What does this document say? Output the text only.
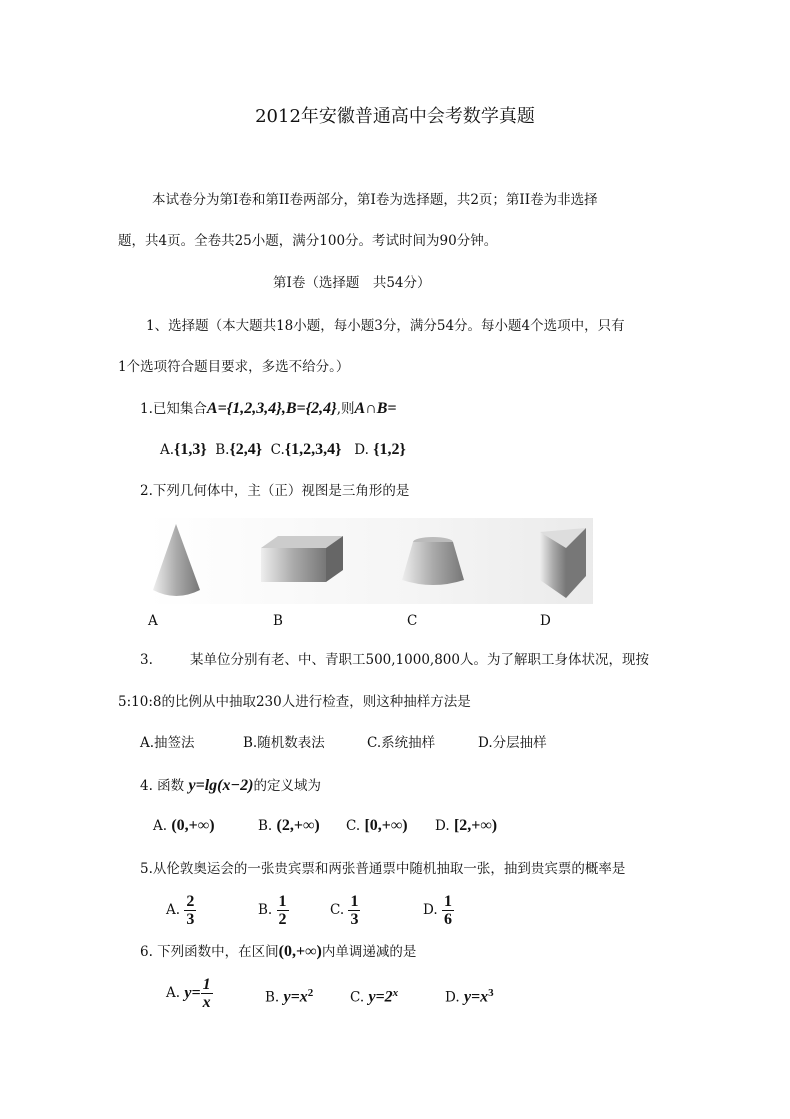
2012年安徽普通高中会考数学真题
本试卷分为第I卷和第II卷两部分，第I卷为选择题，共2页；第II卷为非选择
题，共4页。全卷共25小题，满分100分。考试时间为90分钟。
第I卷（选择题　共54分）
1、选择题（本大题共18小题，每小题3分，满分54分。每小题4个选项中，只有
1个选项符合题目要求，多选不给分。）
1.已知集合A={1,2,3,4},B={2,4},则A∩B=
A.{1,3} B.{2,4} C.{1,2,3,4} D. {1,2}
2.下列几何体中，主（正）视图是三角形的是
A	B	C	D
3.	某单位分别有老、中、青职工500,1000,800人。为了解职工身体状况，现按
5:10:8的比例从中抽取230人进行检查，则这种抽样方法是
A.抽签法	B.随机数表法	C.系统抽样	D.分层抽样
4. 函数 y=lg(x−2)的定义域为
A. (0,+∞)	B. (2,+∞) C. [0,+∞) D. [2,+∞)
5.从伦敦奥运会的一张贵宾票和两张普通票中随机抽取一张，抽到贵宾票的概率是
A. $\frac{2}{3}$	B. $\frac{1}{2}$	C. $\frac{1}{3}$	D. $\frac{1}{6}$
6. 下列函数中，在区间(0,+∞)内单调递减的是
A. $y= \frac{1}{x}$	B. $y=x^2$	C. $y=2^x$	D. $y=x^3$
